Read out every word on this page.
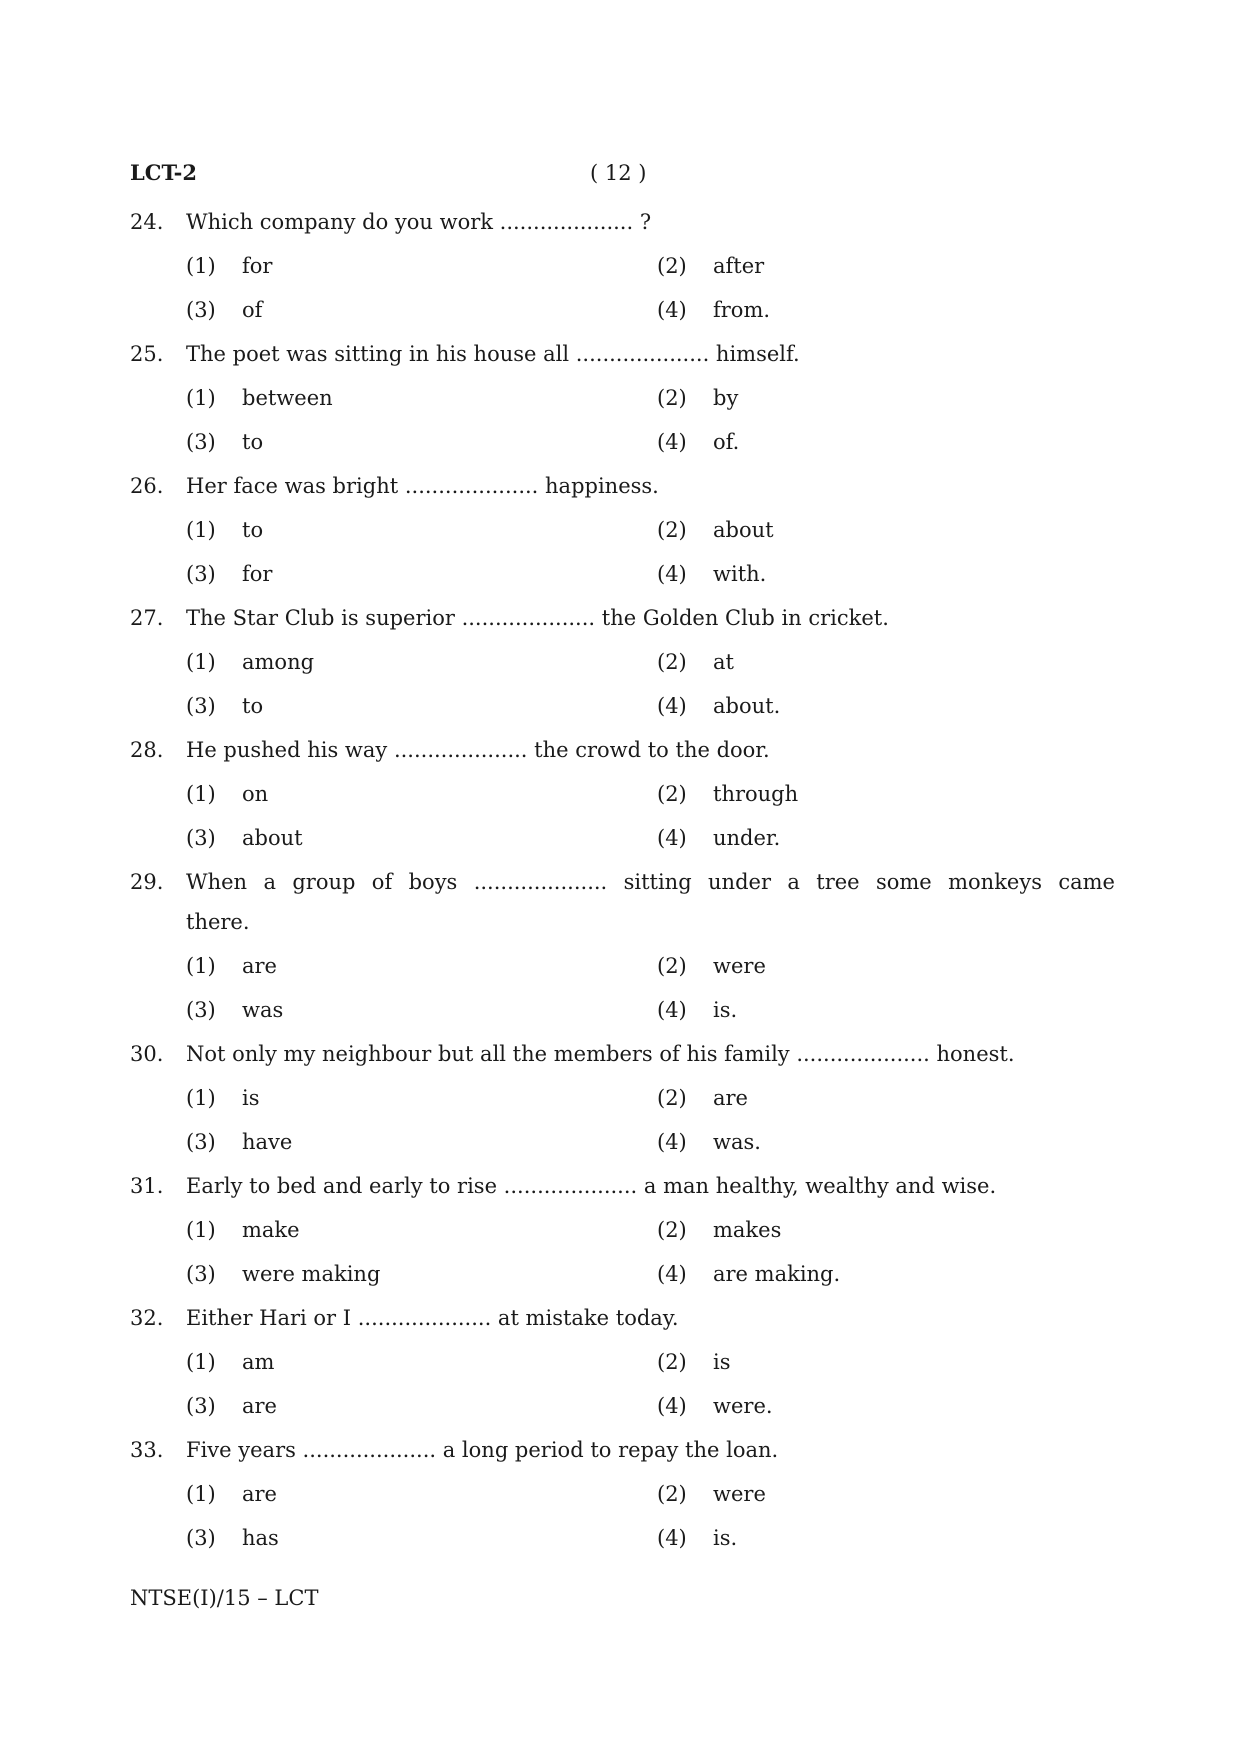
LCT-2	( 12 )
24.	Which company do you work .................... ?
(1)	for	(2)	after
(3)	of	(4)	from.
25.	The poet was sitting in his house all .................... himself.
(1)	between	(2)	by
(3)	to	(4)	of.
26.	Her face was bright .................... happiness.
(1)	to	(2)	about
(3)	for	(4)	with.
27.	The Star Club is superior .................... the Golden Club in cricket.
(1)	among	(2)	at
(3)	to	(4)	about.
28.	He pushed his way .................... the crowd to the door.
(1)	on	(2)	through
(3)	about	(4)	under.
29.	When a group of boys .................... sitting under a tree some monkeys came
there.
(1)	are	(2)	were
(3)	was	(4)	is.
30.	Not only my neighbour but all the members of his family .................... honest.
(1)	is	(2)	are
(3)	have	(4)	was.
31.	Early to bed and early to rise .................... a man healthy, wealthy and wise.
(1)	make	(2)	makes
(3)	were making	(4)	are making.
32.	Either Hari or I .................... at mistake today.
(1)	am	(2)	is
(3)	are	(4)	were.
33.	Five years .................... a long period to repay the loan.
(1)	are	(2)	were
(3)	has	(4)	is.
NTSE(I)/15 – LCT
